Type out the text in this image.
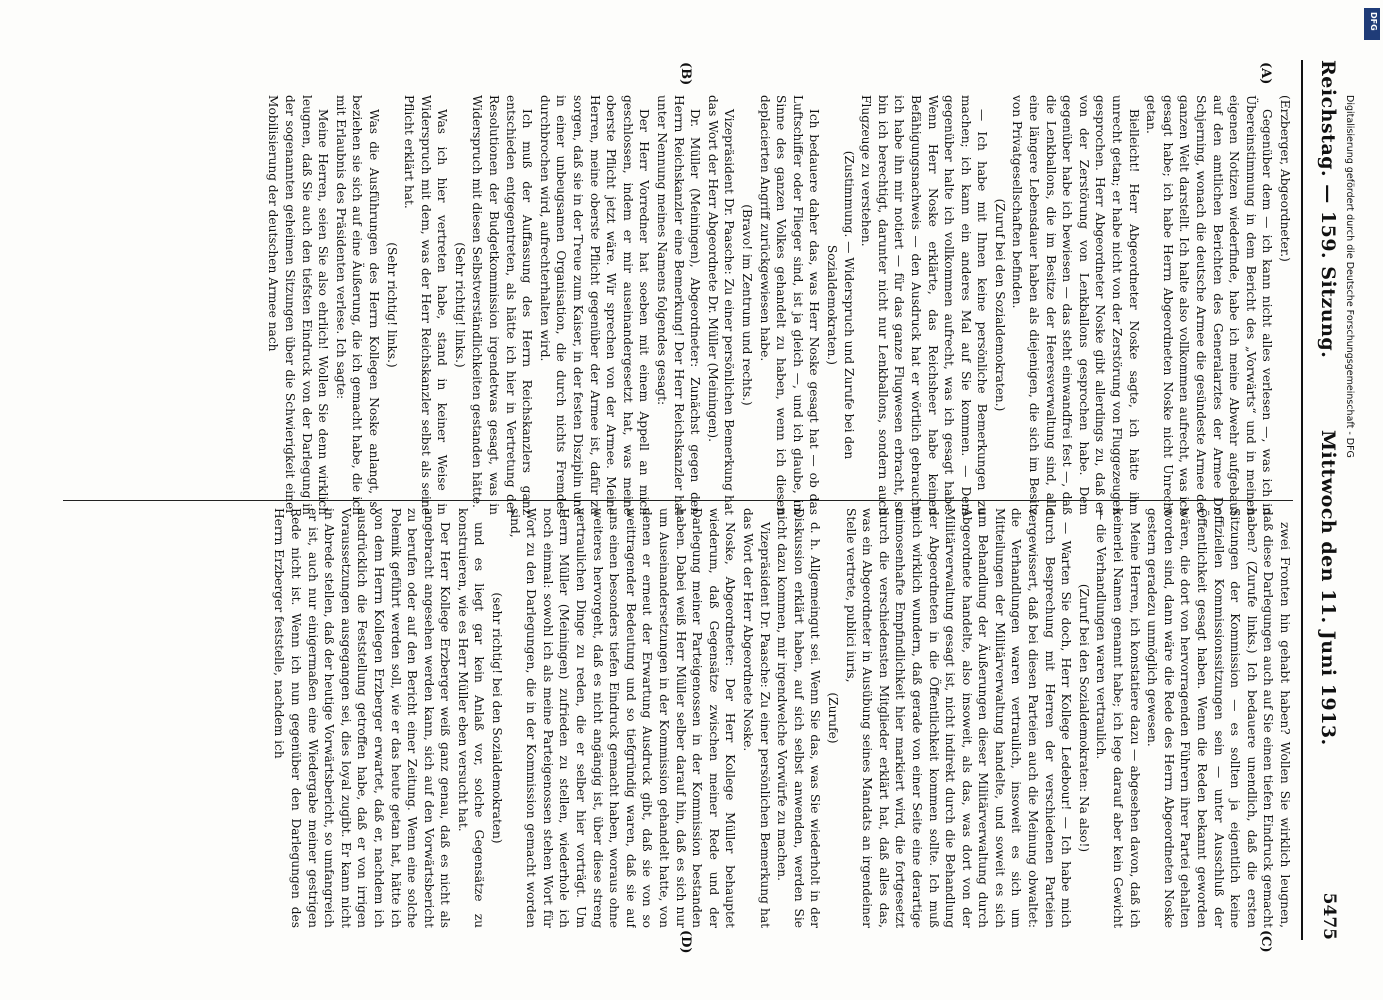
Reichstag. — 159. Sitzung.
Mittwoch den 11. Juni 1913.
5475
(A)
(B)
(C)
(D)

(Erzberger, Abgeordneter.)

Gegenüber dem — ich kann nicht alles verlesen —, was ich in Übereinstimmung in dem Bericht des „Vorwärts“ und in meinen eigenen Notizen wiederfinde, habe ich meine Abwehr aufgebaut auf den amtlichen Berichten des Generalarztes der Armee Dr. Schjerning, wonach die deutsche Armee die gesündeste Armee der ganzen Welt darstellt. Ich halte also vollkommen aufrecht, was ich gesagt habe; ich habe Herrn Abgeordneten Noske nicht Unrecht getan.

Bielleicht! Herr Abgeordneter Noske sagte, ich hätte ihm unrecht getan; er habe nicht von der Zerstörung von Fluggezeugen gesprochen. Herr Abgeordneter Noske gibt allerdings zu, daß er von der Zerstörung von Lenkballons gesprochen habe. Dem gegenüber habe ich bewiesen — das steht einwandfrei fest —, daß die Lenkballons, die im Besitze der Heeresverwaltung sind, alle eine längere Lebensdauer haben als diejenigen, die sich im Besitz von Privatgesellschaften befinden.

(Zuruf bei den Sozialdemokraten.)

— Ich habe mit Ihnen keine persönliche Bemerkungen zu machen; ich kann ein anderes Mal auf Sie kommen. — Dem gegenüber halte ich vollkommen aufrecht, was ich gesagt habe. Wenn Herr Noske erklärte, das Reichsheer habe keinen Befähigungsnachweis — den Ausdruck hat er wörtlich gebraucht; ich habe ihn mir notiert — für das ganze Flugwesen erbracht, so bin ich berechtigt, darunter nicht nur Lenkballons, sondern auch Flugzeuge zu verstehen.

(Zustimmung. — Widerspruch und Zurufe bei den Sozialdemokraten.)

Ich bedauere daher das, was Herr Noske gesagt hat — ob das Luftschiffer oder Flieger sind, ist ja gleich —, und ich glaube, im Sinne des ganzen Volkes gehandelt zu haben, wenn ich diesen deplacierten Angriff zurückgewiesen habe.

(Bravo! im Zentrum und rechts.)

Vizepräsident Dr. Paasche: Zu einer persönlichen Bemerkung hat das Wort der Herr Abgeordnete Dr. Müller (Meiningen).

Dr. Müller (Meiningen), Abgeordneter: Zunächst gegen den Herrn Reichskanzler eine Bemerkung! Der Herr Reichskanzler hat unter Nennung meines Namens folgendes gesagt:

Der Herr Vorredner hat soeben mit einem Appell an mich geschlossen, indem er mir auseinandergesetzt hat, was meine oberste Pflicht jetzt wäre. Wir sprechen von der Armee. Meine Herren, meine oberste Pflicht gegenüber der Armee ist, dafür zu sorgen, daß sie in der Treue zum Kaiser, in der festen Disziplin und in einer unbeugsamen Organisation, die durch nichts Fremdes durchbrochen wird, aufrechterhalten wird.

Ich muß der Auffassung des Herrn Reichskanzlers ganz entschieden entgegentreten, als hätte ich hier in Vertretung der Resolutionen der Budgetkommission irgendetwas gesagt, was in Widerspruch mit diesen Selbstverständlichkeiten gestanden hätte.

(Sehr richtig! links.)

Was ich hier vertreten habe, stand in keiner Weise in Widerspruch mit dem, was der Herr Reichskanzler selbst als seine Pflicht erklärt hat.

(Sehr richtig! links.)

Was die Ausführungen des Herrn Kollegen Noske anlangt, so beziehen sie sich auf eine Äußerung, die ich gemacht habe, die ich mit Erlaubnis des Präsidenten verlese. Ich sagte:

Meine Herren, seien Sie also ehrlich! Wollen Sie denn wirklich leugnen, daß Sie auch den tiefsten Eindruck von der Darlegung in der sogenannten geheimen Sitzungen über die Schwierigkeit einer Mobilisierung der deutschen Armee nach

zwei Fronten hin gehabt haben? Wollen Sie wirklich leugnen, daß diese Darlegungen auch auf Sie einen tiefen Eindruck gemacht haben? (Zurufe links.) Ich bedauere unendlich, daß die ersten Sitzungen der Kommission — es sollten ja eigentlich keine offiziellen Kommissionssitzungen sein — unter Ausschluß der Öffentlichkeit gesagt haben. Wenn die Reden bekannt geworden wären, die dort von hervorragenden Führern ihrer Partei gehalten worden sind, dann wäre die Rede des Herrn Abgeordneten Noske gestern geradezu unmöglich gewesen.

Meine Herren, ich konstatiere dazu — abgesehen davon, daß ich keinerlei Namen genannt habe; ich lege darauf aber kein Gewicht — die Verhandlungen waren vertraulich.

(Zuruf bei den Sozialdemokraten: Na also!)

— Warten Sie doch, Herr Kollege Ledebour! — Ich habe mich durch Besprechung mit Herren der verschiedenen Parteien vergewissert, daß bei diesen Parteien auch die Meinung obwaltet: die Verhandlungen waren vertraulich, insoweit es sich um Mitteilungen der Militärverwaltung handelte, und soweit es sich um Behandlung der Äußerungen dieser Militärverwaltung durch Abgeordnete handelte, also insoweit, als das, was dort von der Militärverwaltung gesagt ist, nicht indirekt durch die Behandlung der Abgeordneten in die Öffentlichkeit kommen sollte. Ich muß mich wirklich wundern, daß gerade von einer Seite eine derartige mimosenhafte Empfindlichkeit hier markiert wird, die fortgesetzt durch die verschiedensten Mitglieder erklärt hat, daß alles das, was ein Abgeordneter in Ausübung seines Mandats an irgendeiner Stelle vertrete, publici iuris,

(Zurufe)

d. h. Allgemeingut sei. Wenn Sie das, was Sie wiederholt in der Diskussion erklärt haben, auf sich selbst anwenden, werden Sie nicht dazu kommen, mir irgendwelche Vorwürfe zu machen.

Vizepräsident Dr. Paasche: Zu einer persönlichen Bemerkung hat das Wort der Herr Abgeordnete Noske.

Noske, Abgeordneter: Der Herr Kollege Müller behauptet wiederum, daß Gegensätze zwischen meiner Rede und der Darlegung meiner Parteigenossen in der Kommission bestanden haben. Dabei weiß Herr Müller selber darauf hin, daß es sich nur um Auseinandersetzungen in der Kommission gehandelt hatte, von denen er erneut der Erwartung Ausdruck gibt, daß sie von so weittragender Bedeutung und so tiefgründig waren, daß sie auf uns einen besonders tiefen Eindruck gemacht haben, woraus ohne weiteres hervorgeht, daß es nicht angängig ist, über diese streng vertraulichen Dinge zu reden, die er selber hier vorträgt. Um Herrn Müller (Meiningen) zufrieden zu stellen, wiederhole ich noch einmal: sowohl ich als meine Parteigenossen stehen Wort für Wort zu den Darlegungen, die in der Kommission gemacht worden sind,

(sehr richtig! bei den Sozialdemokraten)

und es liegt gar kein Anlaß vor, solche Gegensätze zu konstruieren, wie es Herr Müller eben versucht hat.

Der Herr Kollege Erzberger weiß ganz genau, daß es nicht als angebracht angesehen werden kann, sich auf den Vorwärtsbericht zu berufen oder auf den Bericht einer Zeitung. Wenn eine solche Polemik geführt werden soll, wie er das heute getan hat, hätte ich von dem Herrn Kollegen Erzberger erwartet, daß er, nachdem ich ausdrücklich die Feststellung getroffen habe, daß er von irrigen Voraussetzungen ausgegangen sei, dies loyal zugibt. Er kann nicht in Abrede stellen, daß der heutige Vorwärtsbericht, so umfangreich er ist, auch nur einigermaßen eine Wiedergabe meiner gestrigen Rede nicht ist. Wenn ich nun gegenüber den Darlegungen des Herrn Erzberger feststelle, nachdem ich

DFG
Digitalisierung gefördert durch die Deutsche Forschungsgemeinschaft - DFG
